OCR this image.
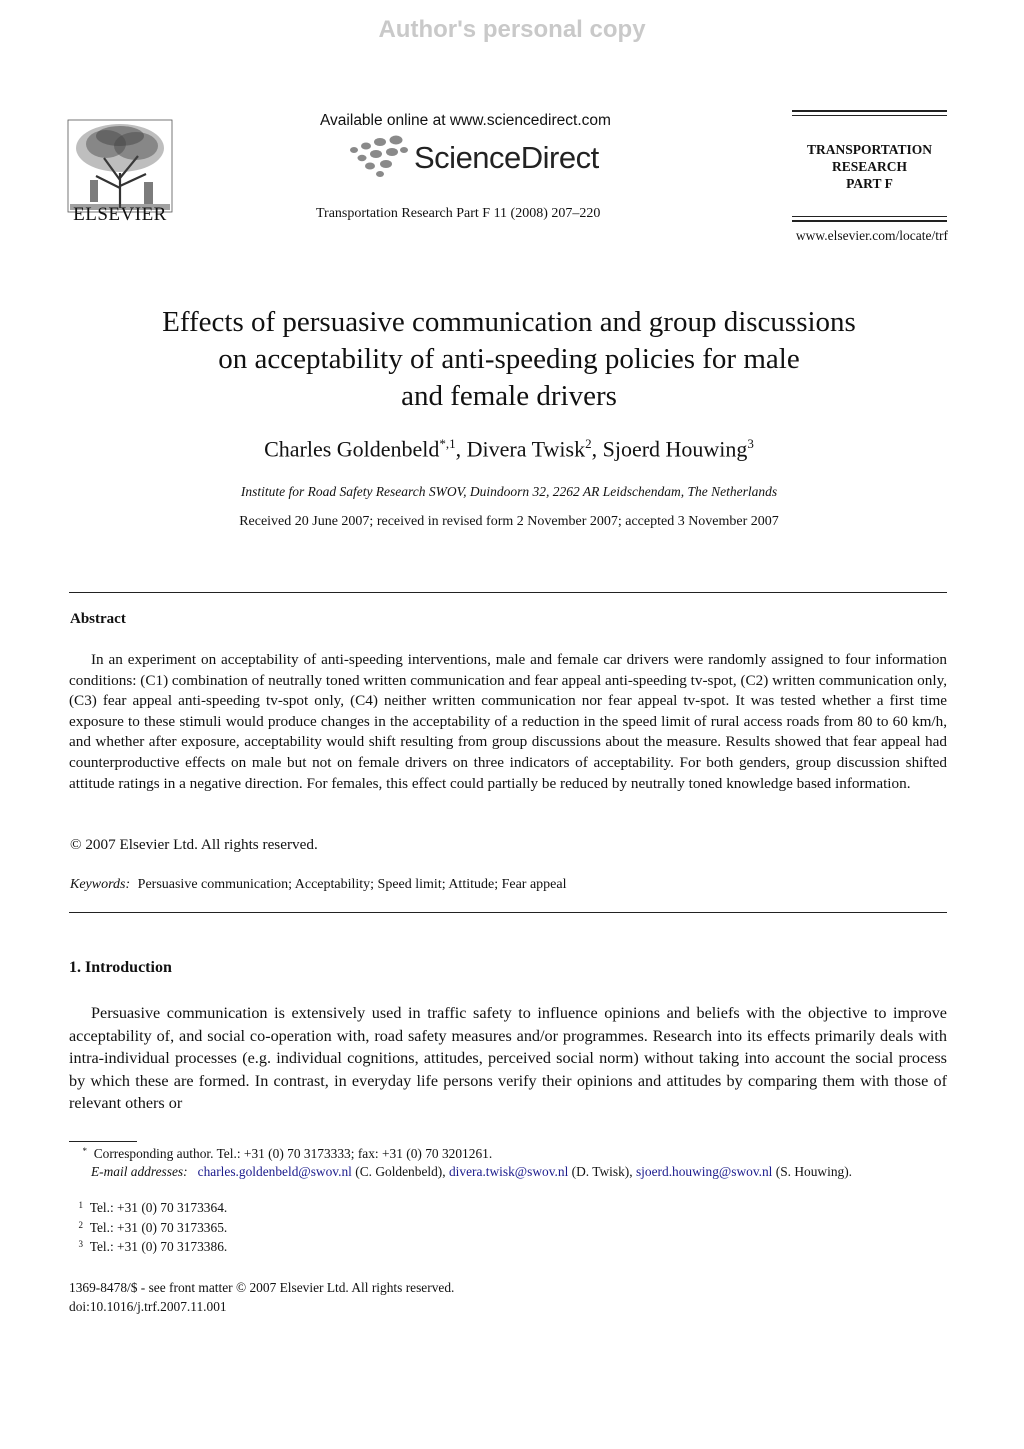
Author's personal copy
ELSEVIER
Available online at www.sciencedirect.com
ScienceDirect
Transportation Research Part F 11 (2008) 207–220
TRANSPORTATION
RESEARCH
PART F
www.elsevier.com/locate/trf
Effects of persuasive communication and group discussions
on acceptability of anti-speeding policies for male
and female drivers
Charles Goldenbeld$^{*,1}$, Divera Twisk$^2$, Sjoerd Houwing$^3$
Institute for Road Safety Research SWOV, Duindoorn 32, 2262 AR Leidschendam, The Netherlands
Received 20 June 2007; received in revised form 2 November 2007; accepted 3 November 2007
Abstract
In an experiment on acceptability of anti-speeding interventions, male and female car drivers were randomly assigned to four information conditions: (C1) combination of neutrally toned written communication and fear appeal anti-speeding tv-spot, (C2) written communication only, (C3) fear appeal anti-speeding tv-spot only, (C4) neither written communication nor fear appeal tv-spot. It was tested whether a first time exposure to these stimuli would produce changes in the acceptability of a reduction in the speed limit of rural access roads from 80 to 60 km/h, and whether after exposure, acceptability would shift resulting from group discussions about the measure. Results showed that fear appeal had counterproductive effects on male but not on female drivers on three indicators of acceptability. For both genders, group discussion shifted attitude ratings in a negative direction. For females, this effect could partially be reduced by neutrally toned knowledge based information.
© 2007 Elsevier Ltd. All rights reserved.
Keywords: Persuasive communication; Acceptability; Speed limit; Attitude; Fear appeal
1. Introduction
Persuasive communication is extensively used in traffic safety to influence opinions and beliefs with the objective to improve acceptability of, and social co-operation with, road safety measures and/or programmes. Research into its effects primarily deals with intra-individual processes (e.g. individual cognitions, attitudes, perceived social norm) without taking into account the social process by which these are formed. In contrast, in everyday life persons verify their opinions and attitudes by comparing them with those of relevant others or
* Corresponding author. Tel.: +31 (0) 70 3173333; fax: +31 (0) 70 3201261.
E-mail addresses: charles.goldenbeld@swov.nl (C. Goldenbeld), divera.twisk@swov.nl (D. Twisk), sjoerd.houwing@swov.nl (S. Houwing).
$^1$ Tel.: +31 (0) 70 3173364.
$^2$ Tel.: +31 (0) 70 3173365.
$^3$ Tel.: +31 (0) 70 3173386.
1369-8478/$ - see front matter © 2007 Elsevier Ltd. All rights reserved.
doi:10.1016/j.trf.2007.11.001
